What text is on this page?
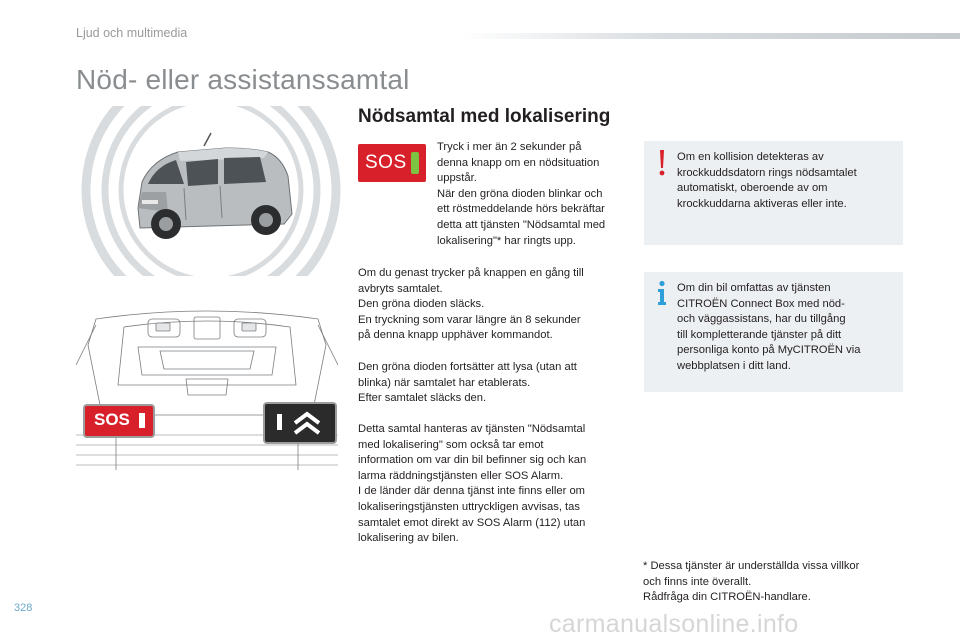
Ljud och multimedia
Nöd- eller assistanssamtal
SOS
Nödsamtal med lokalisering
SOS

Tryck i mer än 2 sekunder på
denna knapp om en nödsituation
uppstår.
När den gröna dioden blinkar och
ett röstmeddelande hörs bekräftar
detta att tjänsten "Nödsamtal med
lokalisering"* har ringts upp.

Om du genast trycker på knappen en gång till
avbryts samtalet.
Den gröna dioden släcks.
En tryckning som varar längre än 8 sekunder
på denna knapp upphäver kommandot.

Den gröna dioden fortsätter att lysa (utan att
blinka) när samtalet har etablerats.
Efter samtalet släcks den.

Detta samtal hanteras av tjänsten "Nödsamtal
med lokalisering" som också tar emot
information om var din bil befinner sig och kan
larma räddningstjänsten eller SOS Alarm.
I de länder där denna tjänst inte finns eller om
lokaliseringstjänsten uttryckligen avvisas, tas
samtalet emot direkt av SOS Alarm (112) utan
lokalisering av bilen.

Om en kollision detekteras av
krockkuddsdatorn rings nödsamtalet
automatiskt, oberoende av om
krockkuddarna aktiveras eller inte.

Om din bil omfattas av tjänsten
CITROËN Connect Box med nöd-
och väggassistans, har du tillgång
till kompletterande tjänster på ditt
personliga konto på MyCITROËN via
webbplatsen i ditt land.

* Dessa tjänster är underställda vissa villkor
och finns inte överallt.
Rådfråga din CITROËN-handlare.

328
carmanualsonline.info
